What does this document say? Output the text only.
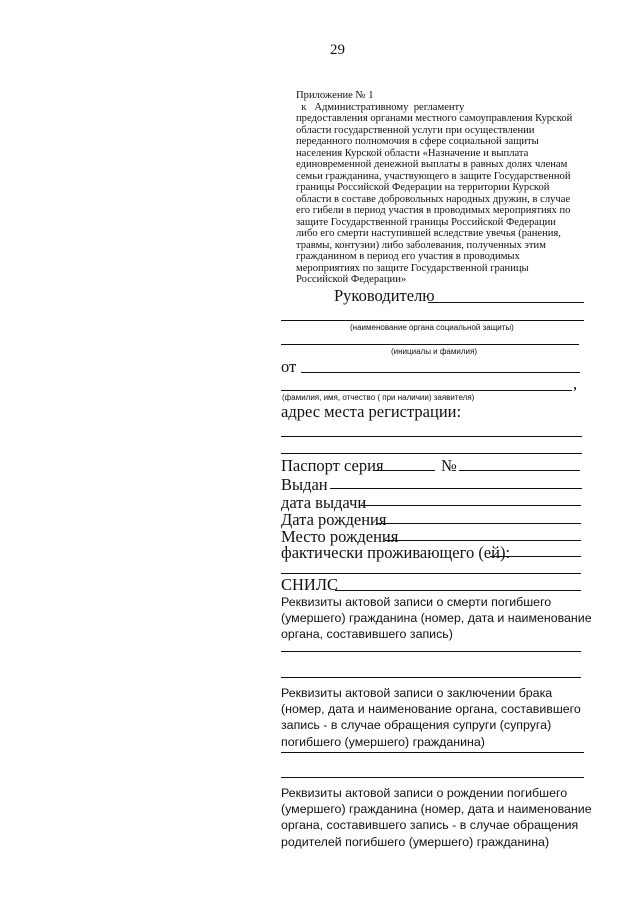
29
Приложение № 1
к   Административному  регламенту
предоставления органами местного самоуправления Курской
области государственной услуги при осуществлении
переданного полномочия в сфере социальной защиты
населения Курской области «Назначение и выплата
единовременной денежной выплаты в равных долях членам
семьи гражданина, участвующего в защите Государственной
границы Российской Федерации на территории Курской
области в составе добровольных народных дружин, в случае
его гибели в период участия в проводимых мероприятиях по
защите Государственной границы Российской Федерации
либо его смерти наступившей вследствие увечья (ранения,
травмы, контузии) либо заболевания, полученных этим
гражданином в период его участия в проводимых
мероприятиях по защите Государственной границы
Российской Федерации»
Руководителю
(наименование органа социальной защиты)
(инициалы и фамилия)
от
,
(фамилия, имя, отчество ( при наличии) заявителя)
адрес места регистрации:
Паспорт серия	№
Выдан
дата выдачи
Дата рождения
Место рождения
фактически проживающего (ей):
СНИЛС
Реквизиты актовой записи о смерти погибшего
(умершего) гражданина (номер, дата и наименование
органа, составившего запись)
Реквизиты актовой записи о заключении брака
(номер, дата и наименование органа, составившего
запись - в случае обращения супруги (супруга)
погибшего (умершего) гражданина)
Реквизиты актовой записи о рождении погибшего
(умершего) гражданина (номер, дата и наименование
органа, составившего запись - в случае обращения
родителей погибшего (умершего) гражданина)
